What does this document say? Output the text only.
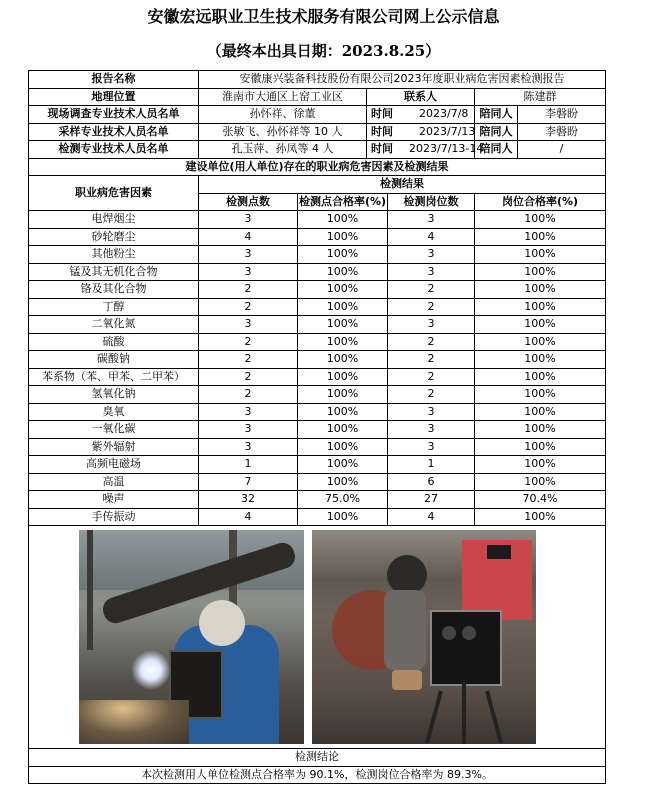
安徽宏远职业卫生技术服务有限公司网上公示信息
（最终本出具日期：2023.8.25）
报告名称	安徽康兴装备科技股份有限公司2023年度职业病危害因素检测报告					
地理位置	淮南市大通区上窑工业区		联系人		陈建群	
现场调查专业技术人员名单	孙怀祥、徐董		时间 2023/7/8		陪同人	李磐盼
采样专业技术人员名单	张敏飞、孙怀祥等 10 人		时间 2023/7/13		陪同人	李磐盼
检测专业技术人员名单	孔玉萍、孙凤等 4 人		时间 2023/7/13-14		陪同人	/
建设单位(用人单位)存在的职业病危害因素及检测结果						
职业病危害因素	检测结果					
	检测点数	检测点合格率(%)		检测岗位数	岗位合格率(%)	
电焊烟尘	3	100%		3	100%	
砂轮磨尘	4	100%		4	100%	
其他粉尘	3	100%		3	100%	
锰及其无机化合物	3	100%		3	100%	
铬及其化合物	2	100%		2	100%	
丁醇	2	100%		2	100%	
二氧化氮	3	100%		3	100%	
硫酸	2	100%		2	100%	
碳酸钠	2	100%		2	100%	
苯系物（苯、甲苯、二甲苯）	2	100%		2	100%	
氢氧化钠	2	100%		2	100%	
臭氧	3	100%		3	100%	
一氧化碳	3	100%		3	100%	
紫外辐射	3	100%		3	100%	
高频电磁场	1	100%		1	100%	
高温	7	100%		6	100%	
噪声	32	75.0%		27	70.4%	
手传振动	4	100%		4	100%	

检测结论						
本次检测用人单位检测点合格率为 90.1%，检测岗位合格率为 89.3%。						
